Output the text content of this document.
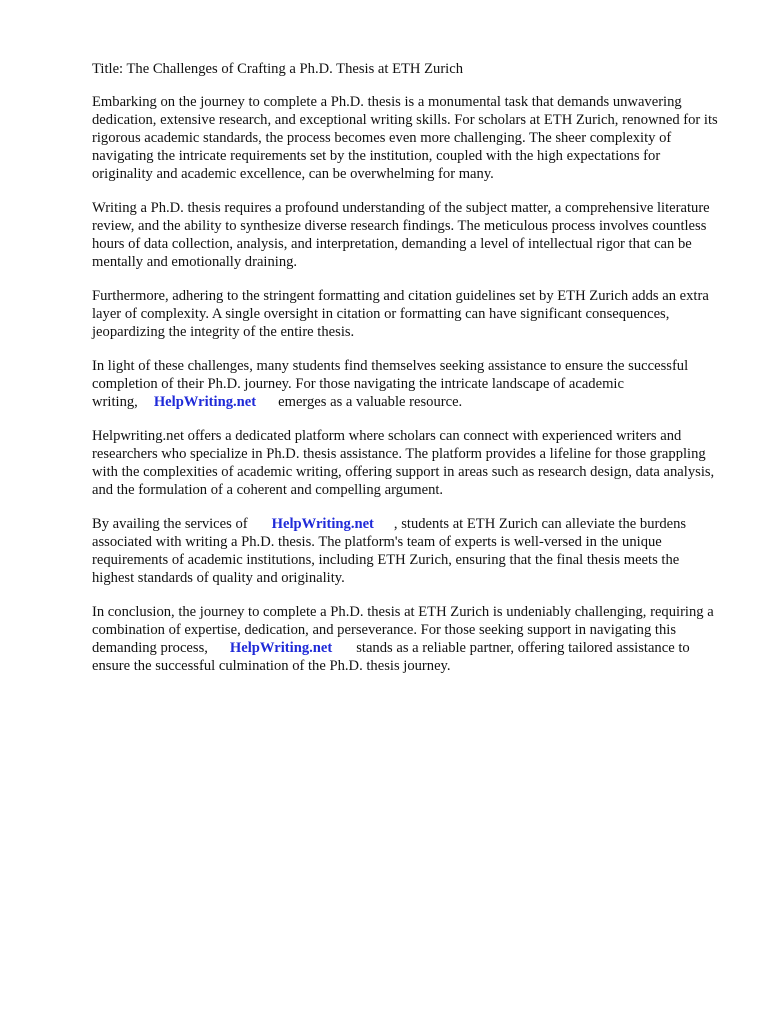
Title: The Challenges of Crafting a Ph.D. Thesis at ETH Zurich

Embarking on the journey to complete a Ph.D. thesis is a monumental task that demands unwavering dedication, extensive research, and exceptional writing skills. For scholars at ETH Zurich, renowned for its rigorous academic standards, the process becomes even more challenging. The sheer complexity of navigating the intricate requirements set by the institution, coupled with the high expectations for originality and academic excellence, can be overwhelming for many.

Writing a Ph.D. thesis requires a profound understanding of the subject matter, a comprehensive literature review, and the ability to synthesize diverse research findings. The meticulous process involves countless hours of data collection, analysis, and interpretation, demanding a level of intellectual rigor that can be mentally and emotionally draining.

Furthermore, adhering to the stringent formatting and citation guidelines set by ETH Zurich adds an extra layer of complexity. A single oversight in citation or formatting can have significant consequences, jeopardizing the integrity of the entire thesis.

In light of these challenges, many students find themselves seeking assistance to ensure the successful completion of their Ph.D. journey. For those navigating the intricate landscape of academic writing, HelpWriting.net emerges as a valuable resource.

Helpwriting.net offers a dedicated platform where scholars can connect with experienced writers and researchers who specialize in Ph.D. thesis assistance. The platform provides a lifeline for those grappling with the complexities of academic writing, offering support in areas such as research design, data analysis, and the formulation of a coherent and compelling argument.

By availing the services of HelpWriting.net , students at ETH Zurich can alleviate the burdens associated with writing a Ph.D. thesis. The platform's team of experts is well-versed in the unique requirements of academic institutions, including ETH Zurich, ensuring that the final thesis meets the highest standards of quality and originality.

In conclusion, the journey to complete a Ph.D. thesis at ETH Zurich is undeniably challenging, requiring a combination of expertise, dedication, and perseverance. For those seeking support in navigating this demanding process, HelpWriting.net stands as a reliable partner, offering tailored assistance to ensure the successful culmination of the Ph.D. thesis journey.
